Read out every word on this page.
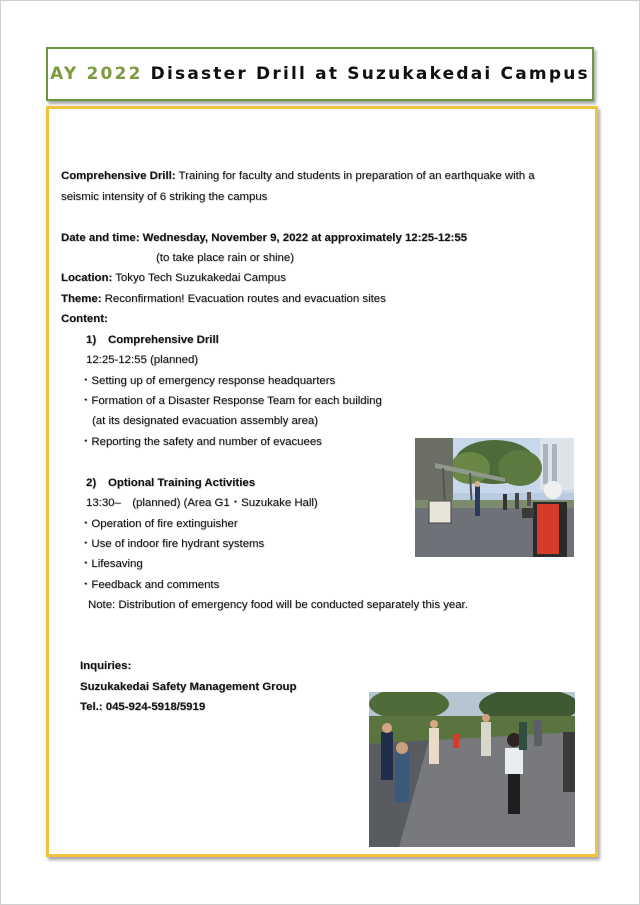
AY 2022 Disaster Drill at Suzukakedai Campus
Comprehensive Drill: Training for faculty and students in preparation of an earthquake with a
seismic intensity of 6 striking the campus
Date and time: Wednesday, November 9, 2022 at approximately 12:25-12:55
(to take place rain or shine)
Location: Tokyo Tech Suzukakedai Campus
Theme: Reconfirmation! Evacuation routes and evacuation sites
Content:
1) Comprehensive Drill
12:25-12:55 (planned)
・Setting up of emergency response headquarters
・Formation of a Disaster Response Team for each building
(at its designated evacuation assembly area)
・Reporting the safety and number of evacuees
2) Optional Training Activities
13:30–　(planned) (Area G1・Suzukake Hall)
・Operation of fire extinguisher
・Use of indoor fire hydrant systems
・Lifesaving
・Feedback and comments
Note: Distribution of emergency food will be conducted separately this year.
Inquiries:
Suzukakedai Safety Management Group
Tel.: 045-924-5918/5919
